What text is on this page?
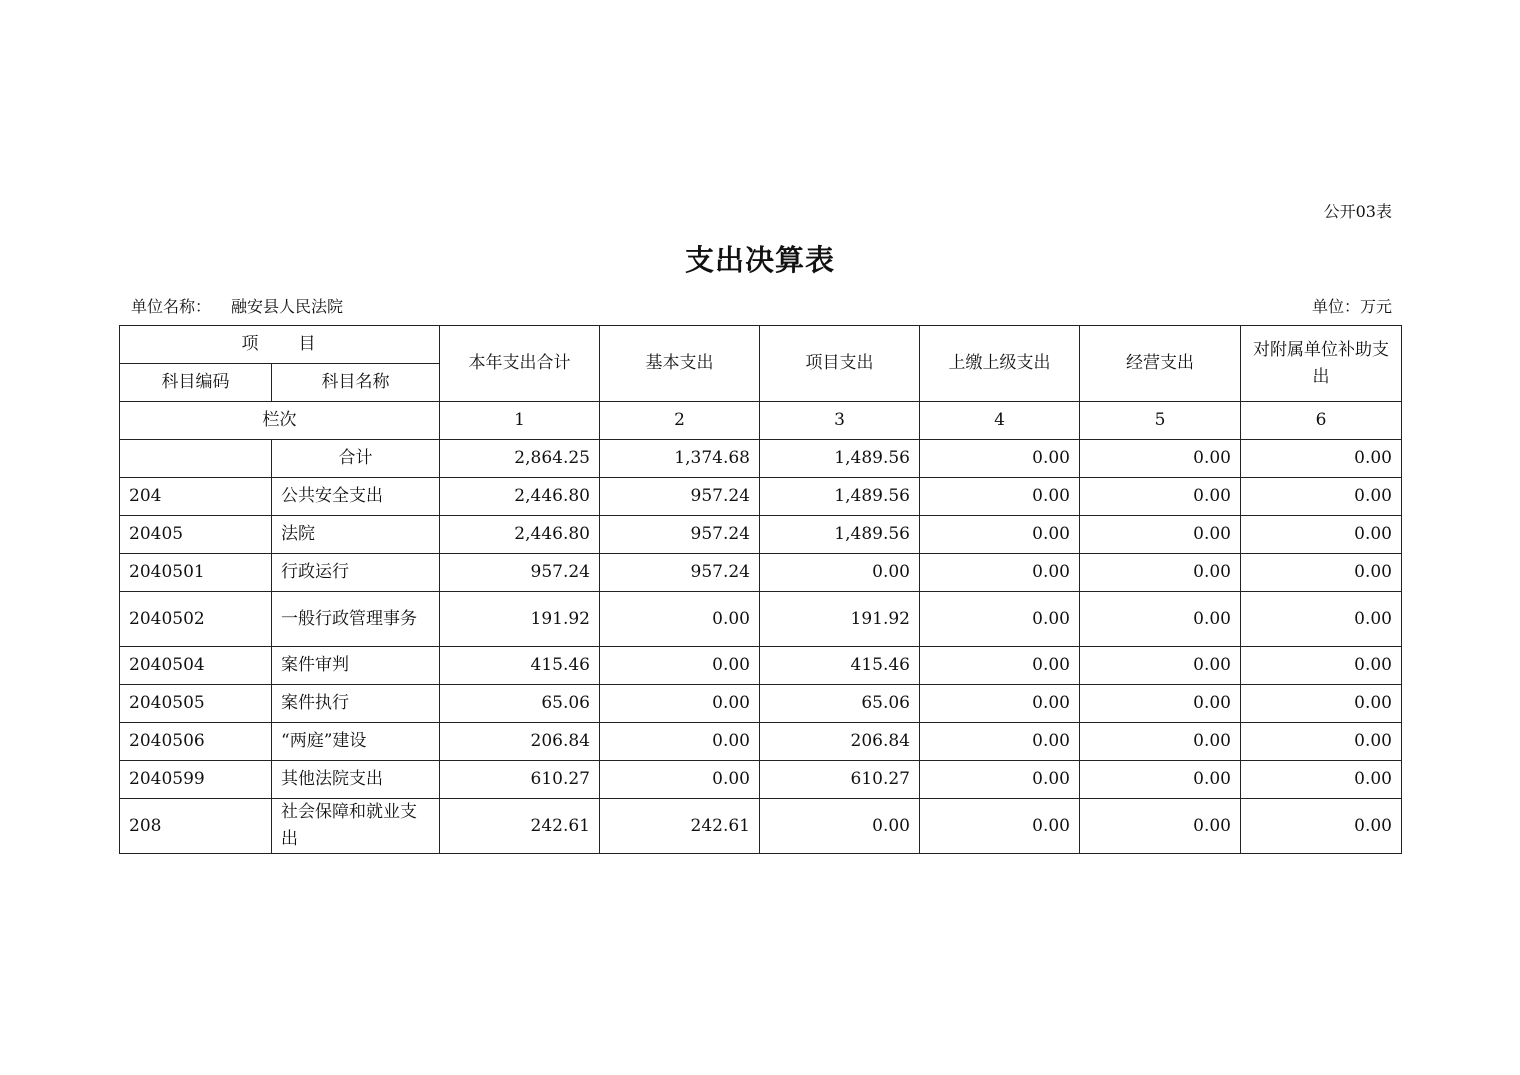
公开03表
支出决算表
单位名称： 融安县人民法院	单位：万元
项　　目		本年支出合计	基本支出	项目支出	上缴上级支出	经营支出	对附属单位补助支出
科目编码	科目名称						
栏次		1	2	3	4	5	6
	合计	2,864.25	1,374.68	1,489.56	0.00	0.00	0.00
204	公共安全支出	2,446.80	957.24	1,489.56	0.00	0.00	0.00
20405	法院	2,446.80	957.24	1,489.56	0.00	0.00	0.00
2040501	行政运行	957.24	957.24	0.00	0.00	0.00	0.00
2040502	一般行政管理事务	191.92	0.00	191.92	0.00	0.00	0.00
2040504	案件审判	415.46	0.00	415.46	0.00	0.00	0.00
2040505	案件执行	65.06	0.00	65.06	0.00	0.00	0.00
2040506	“两庭”建设	206.84	0.00	206.84	0.00	0.00	0.00
2040599	其他法院支出	610.27	0.00	610.27	0.00	0.00	0.00
208	社会保障和就业支出	242.61	242.61	0.00	0.00	0.00	0.00
